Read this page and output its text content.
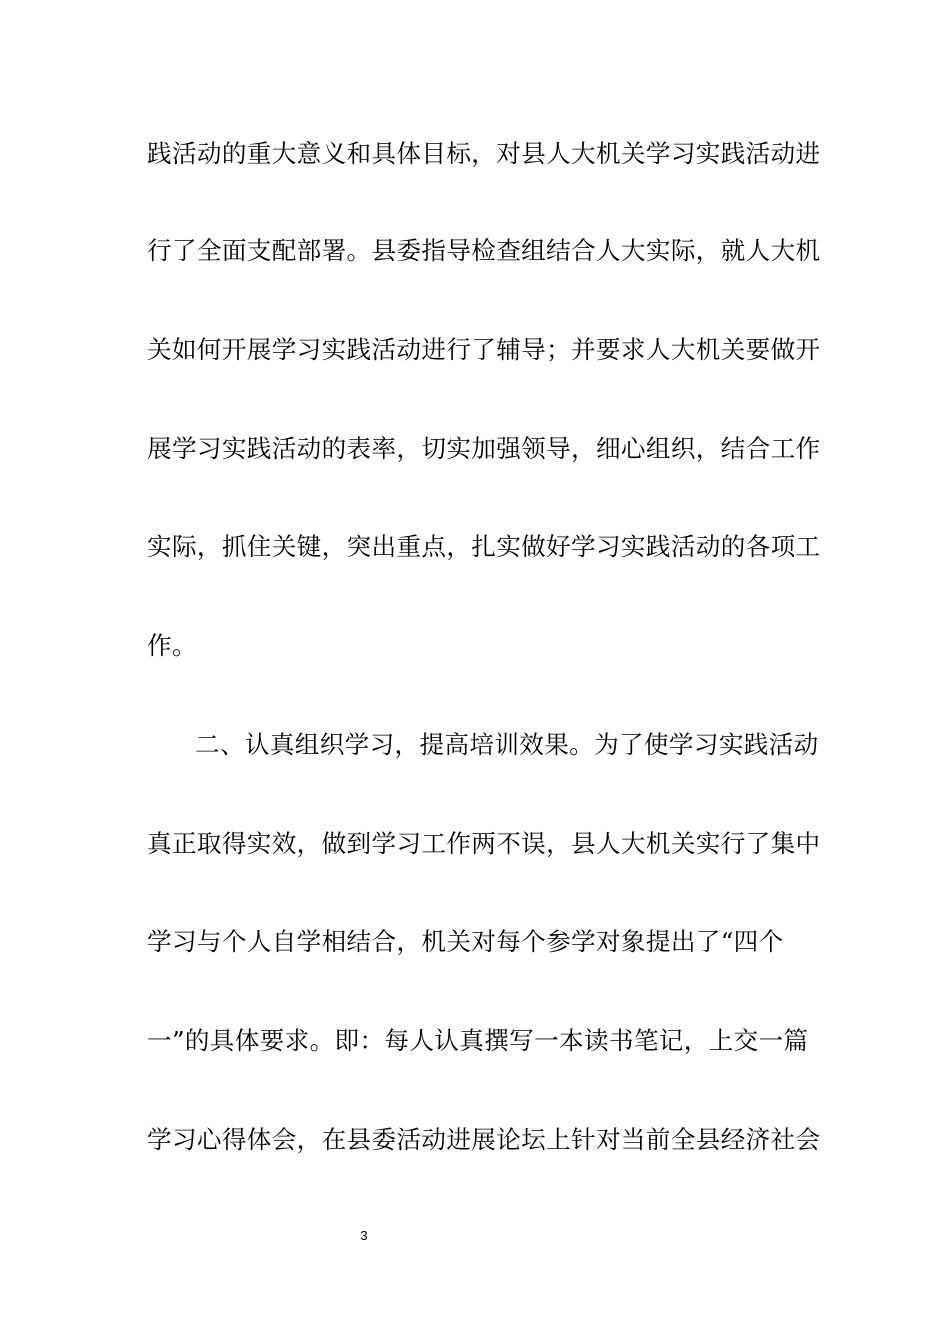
践活动的重大意义和具体目标，对县人大机关学习实践活动进
行了全面支配部署。县委指导检查组结合人大实际，就人大机
关如何开展学习实践活动进行了辅导；并要求人大机关要做开
展学习实践活动的表率，切实加强领导，细心组织，结合工作
实际，抓住关键，突出重点，扎实做好学习实践活动的各项工
作。
二、认真组织学习，提高培训效果。为了使学习实践活动
真正取得实效，做到学习工作两不误，县人大机关实行了集中
学习与个人自学相结合，机关对每个参学对象提出了“四个
一”的具体要求。即：每人认真撰写一本读书笔记，上交一篇
学习心得体会，在县委活动进展论坛上针对当前全县经济社会
3
